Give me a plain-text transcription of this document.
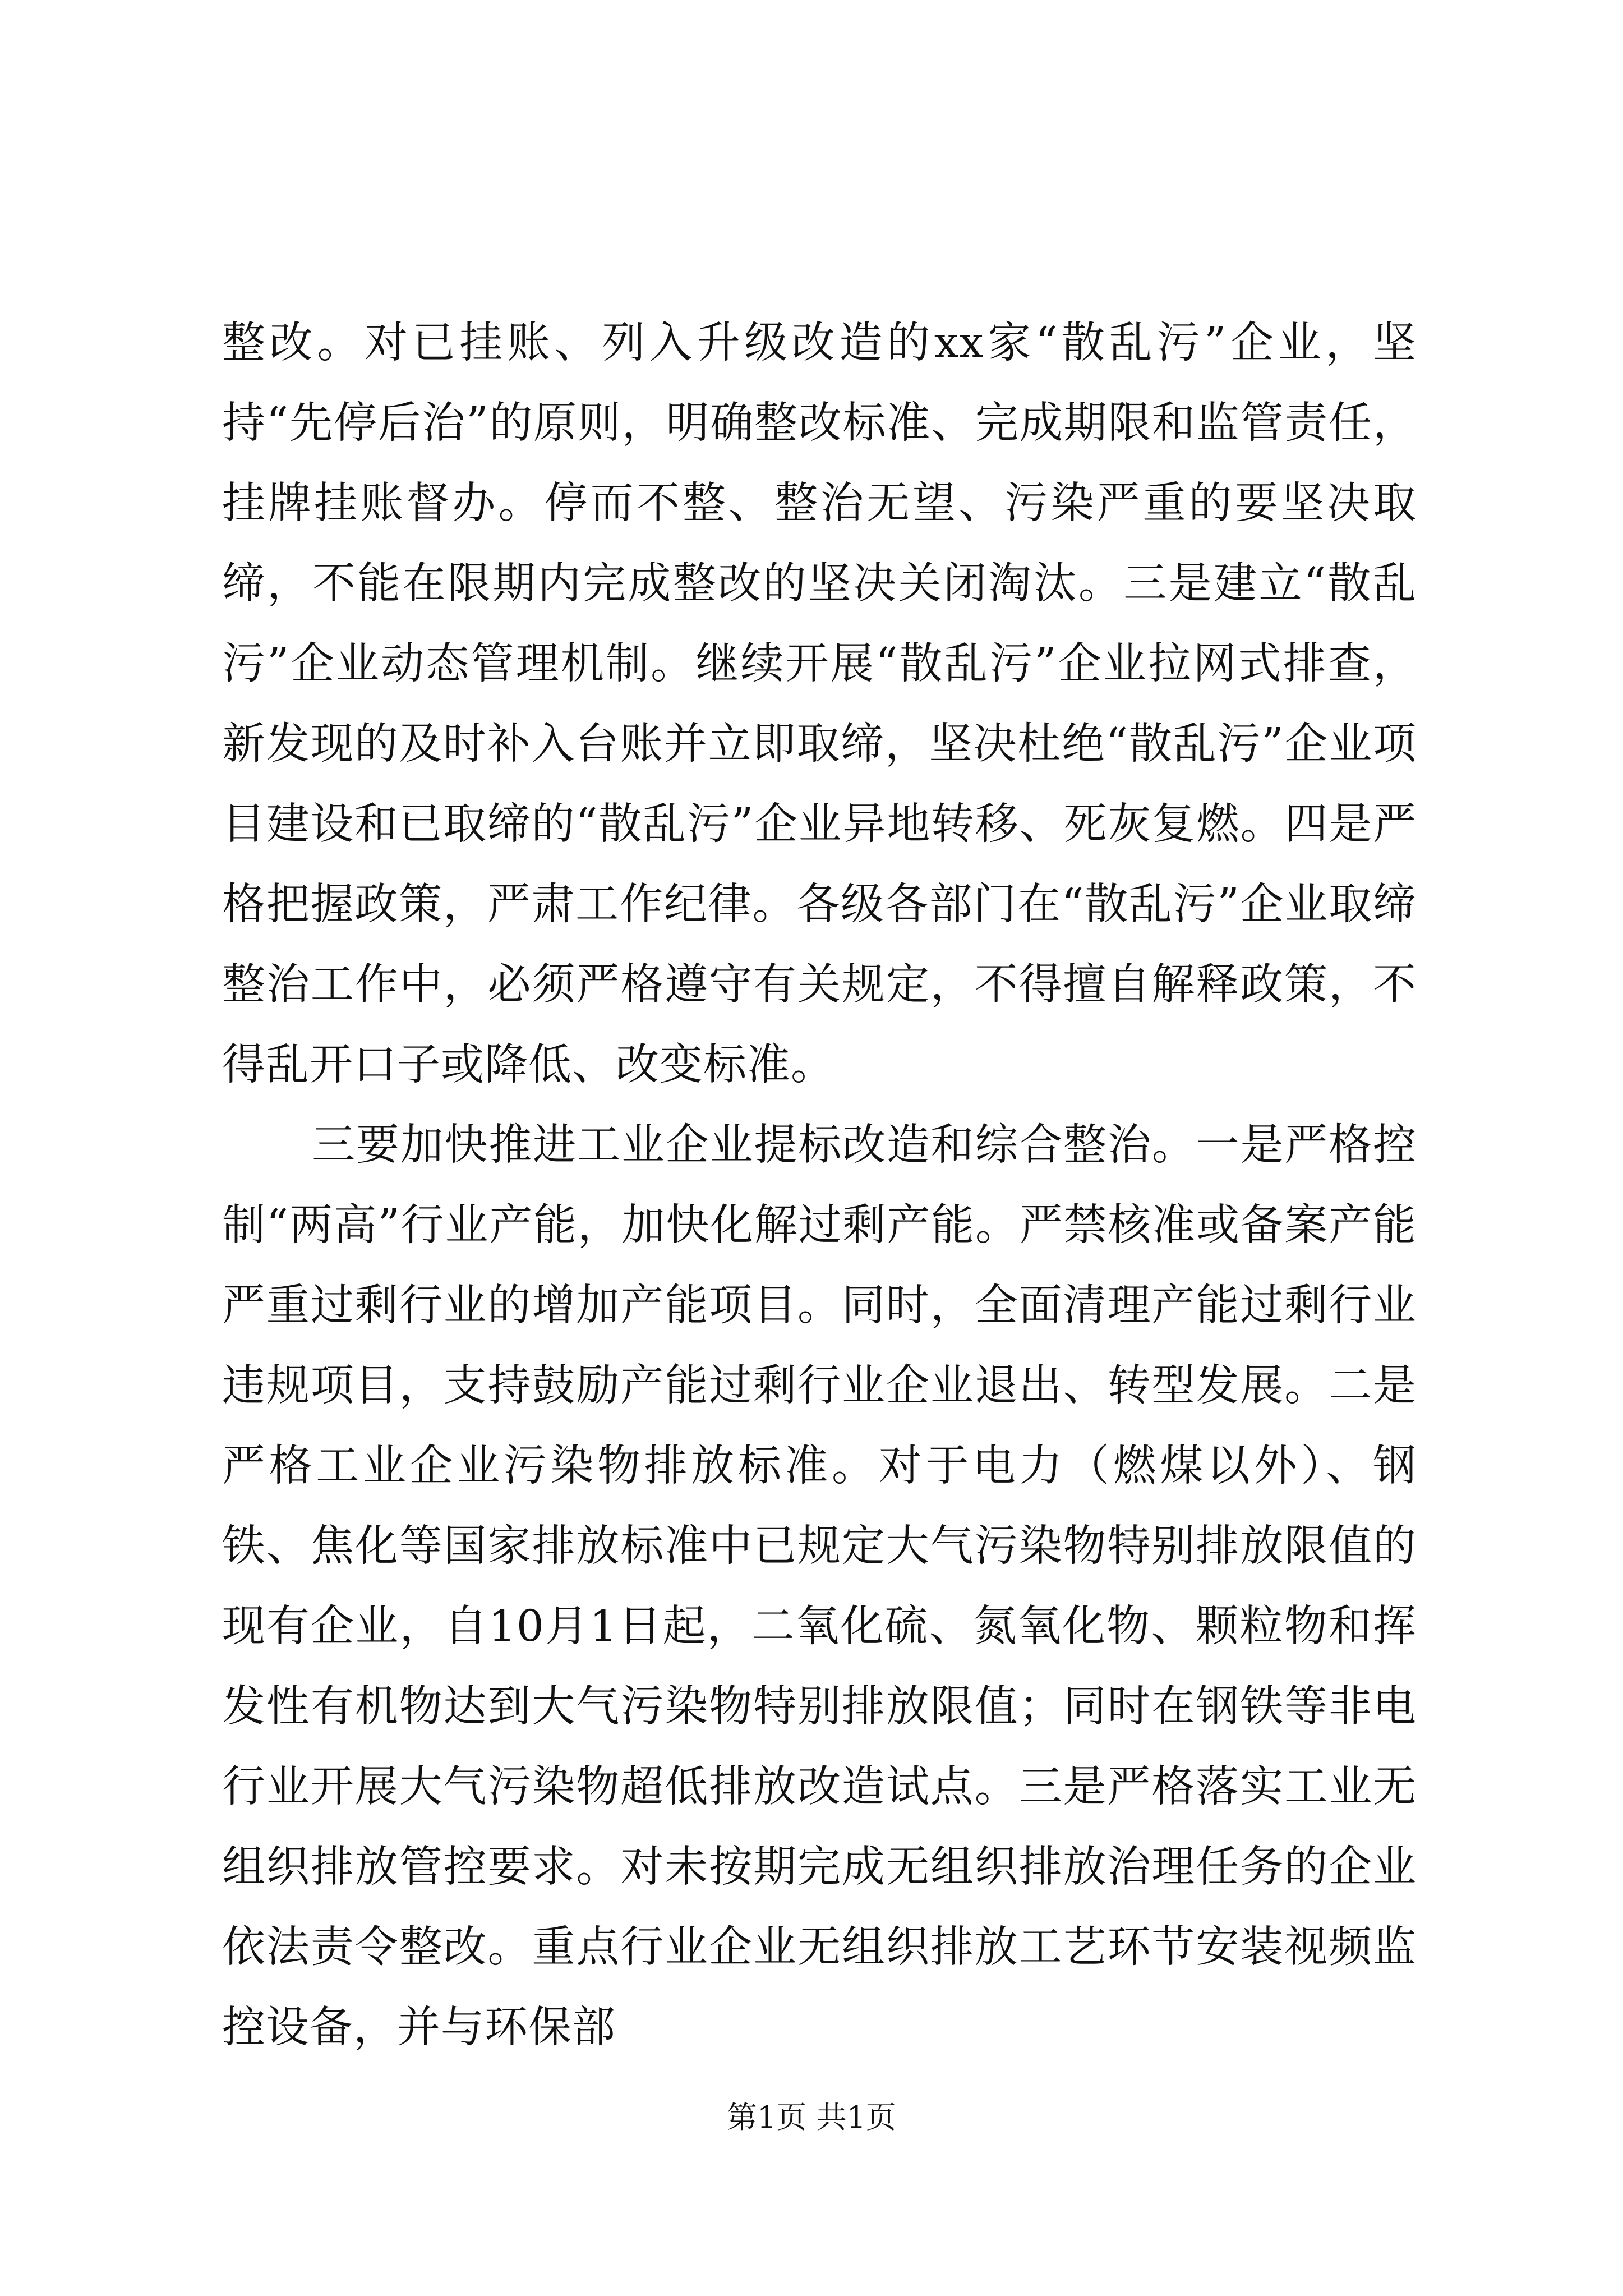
整改。对已挂账、列入升级改造的xx家“散乱污”企业，坚持“先停后治”的原则，明确整改标准、完成期限和监管责任，挂牌挂账督办。停而不整、整治无望、污染严重的要坚决取缔，不能在限期内完成整改的坚决关闭淘汰。三是建立“散乱污”企业动态管理机制。继续开展“散乱污”企业拉网式排查，新发现的及时补入台账并立即取缔，坚决杜绝“散乱污”企业项目建设和已取缔的“散乱污”企业异地转移、死灰复燃。四是严格把握政策，严肃工作纪律。各级各部门在“散乱污”企业取缔整治工作中，必须严格遵守有关规定，不得擅自解释政策，不得乱开口子或降低、改变标准。

三要加快推进工业企业提标改造和综合整治。一是严格控制“两高”行业产能，加快化解过剩产能。严禁核准或备案产能严重过剩行业的增加产能项目。同时，全面清理产能过剩行业违规项目，支持鼓励产能过剩行业企业退出、转型发展。二是严格工业企业污染物排放标准。对于电力（燃煤以外）、钢铁、焦化等国家排放标准中已规定大气污染物特别排放限值的现有企业，自10月1日起，二氧化硫、氮氧化物、颗粒物和挥发性有机物达到大气污染物特别排放限值；同时在钢铁等非电行业开展大气污染物超低排放改造试点。三是严格落实工业无组织排放管控要求。对未按期完成无组织排放治理任务的企业依法责令整改。重点行业企业无组织排放工艺环节安装视频监控设备，并与环保部

第1页 共1页
